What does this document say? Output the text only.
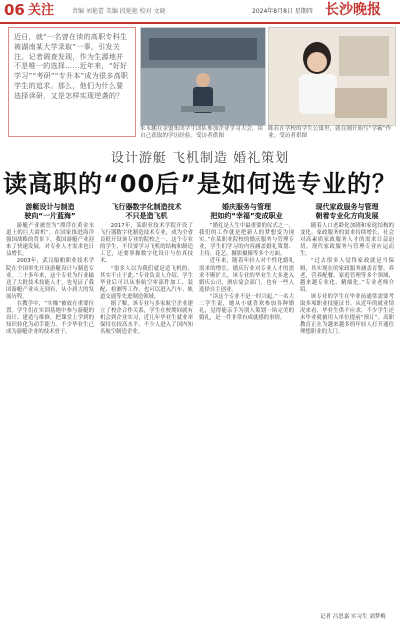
06 关注	责编 刘艳蕾 美编 段艳艳 校对 文晓	2024年8月8日 星期四 长沙晚报
近日，就“一名曾在读的高职专科生被湖南某大学录取”一事，引发关注。记者调查发现，作为生源地并不是唯一的选择……近年来，“好好学习”“考研”“专升本”成为很多高职学生的追求。那么，他们为什么要选择读研，又是怎样实现逆袭的？
朱永鹏在金盟集团学生团队参加企业学习大会，谈自己获取的学历经验。受访者供图
陈若在学校的学生公寓里，就在刚开始写“学霸”作业。受访者供图
设计游艇 飞机制造 婚礼策划
读高职的“00后”是如何选专业的？
游艇设计与制造
驶向“一片蓝海”

游艇产业被誉为“漂浮在黄金水道上的巨大商机”。在国家推进海洋强国战略的背景下，我国游艇产业迎来了快速发展，对专业人才需求也日益增长。

2003年，武汉船舶职业技术学院在全国率先开设游艇设计与制造专业。二十多年来，这个专业为行业输送了大批技术技能人才，也见证了我国游艇产业从无到有、从小到大的发展历程。

在教学中，“实操”被放在重要位置。学生们在实训基地中参与游艇的设计、建造与维修，把课堂上学到的知识转化为动手能力。不少毕业生已成为游艇企业的技术骨干。

飞行器数字化制造技术
不只是造飞机

2017年，某职业技术学院开设了飞行器数字化制造技术专业，成为全省首批开设该专业的院校之一。这个专业的学生，不仅要学习飞机的结构和制造工艺，还要掌握数字化设计与仿真技术。

“很多人以为我们就是造飞机的，其实不止于此。”专业负责人介绍，学生毕业后可以从事航空零部件加工、装配、检测等工作，也可以进入汽车、轨道交通等先进制造领域。

据了解，该专业与多家航空企业建立了校企合作关系，学生在校期间就有机会到企业实习，近几年毕业生就业率保持在较高水平，不少人进入了国内知名航空制造企业。

婚庆服务与管理
把如约“幸福”变成职业

“婚礼是人生中最重要的仪式之一，我们的工作就是把新人的梦想变为现实。”在某职业院校的婚庆服务与管理专业，学生们学习的内容涵盖婚礼策划、主持、花艺、摄影摄像等多个方面。

近年来，随着年轻人对个性化婚礼需求的增长，婚庆行业对专业人才的需求不断扩大。该专业的毕业生大多进入婚庆公司、酒店宴会部门，也有一些人选择自主创业。

“读这个专业不是一时兴起。”一名大二学生说，她从小就喜欢参加各种婚礼，觉得能亲手为别人策划一场完美的婚礼，是一件非常有成就感的事情。

现代家政服务与管理
朝着专业化方向发展

随着人口老龄化加剧和家庭结构的变化，家政服务的需求持续增长，社会对高素质家政服务人才的需求日益迫切。现代家政服务与管理专业应运而生。

“过去很多人觉得家政就是当保姆，其实现在的家政服务涵盖育婴、养老、营养配餐、家庭管理等多个领域，越来越专业化、精细化。”专业老师介绍。

该专业的学生在毕业前通常需要考取多项职业技能证书。从近年的就业情况来看，毕业生供不应求，不少学生还未毕业就被用人单位提前“预订”。高职教育正在为越来越多的年轻人打开通往理想职业的大门。

记者 吕思嘉 实习生 刘梦梅
